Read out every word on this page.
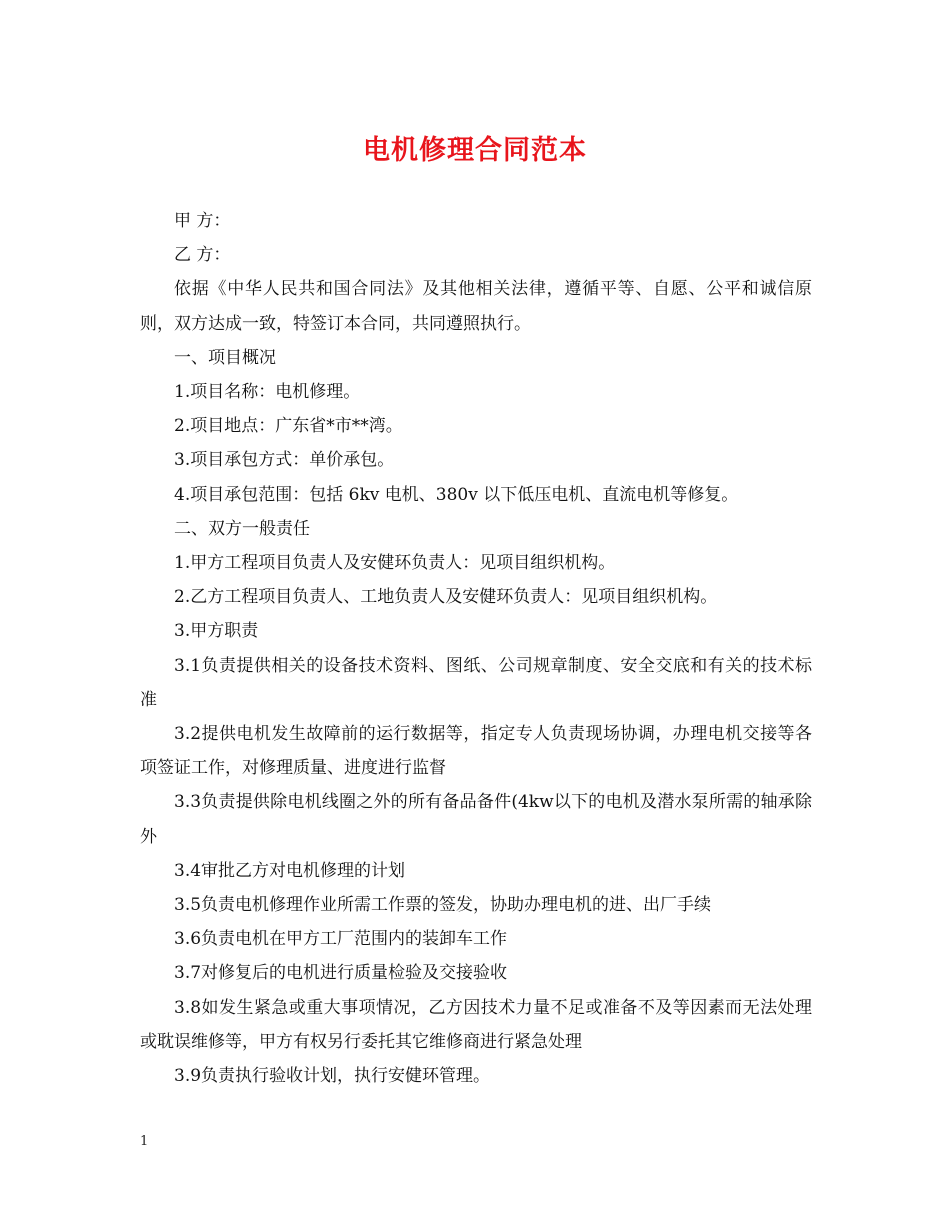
电机修理合同范本

甲 方：

乙 方：

依据《中华人民共和国合同法》及其他相关法律，遵循平等、自愿、公平和诚信原则，双方达成一致，特签订本合同，共同遵照执行。

一、项目概况

1.项目名称：电机修理。

2.项目地点：广东省*市**湾。

3.项目承包方式：单价承包。

4.项目承包范围：包括 6kv 电机、380v 以下低压电机、直流电机等修复。

二、双方一般责任

1.甲方工程项目负责人及安健环负责人：见项目组织机构。

2.乙方工程项目负责人、工地负责人及安健环负责人：见项目组织机构。

3.甲方职责

3.1负责提供相关的设备技术资料、图纸、公司规章制度、安全交底和有关的技术标准

3.2提供电机发生故障前的运行数据等，指定专人负责现场协调，办理电机交接等各项签证工作，对修理质量、进度进行监督

3.3负责提供除电机线圈之外的所有备品备件(4kw以下的电机及潜水泵所需的轴承除外

3.4审批乙方对电机修理的计划

3.5负责电机修理作业所需工作票的签发，协助办理电机的进、出厂手续

3.6负责电机在甲方工厂范围内的装卸车工作

3.7对修复后的电机进行质量检验及交接验收

3.8如发生紧急或重大事项情况，乙方因技术力量不足或准备不及等因素而无法处理或耽误维修等，甲方有权另行委托其它维修商进行紧急处理

3.9负责执行验收计划，执行安健环管理。

1
